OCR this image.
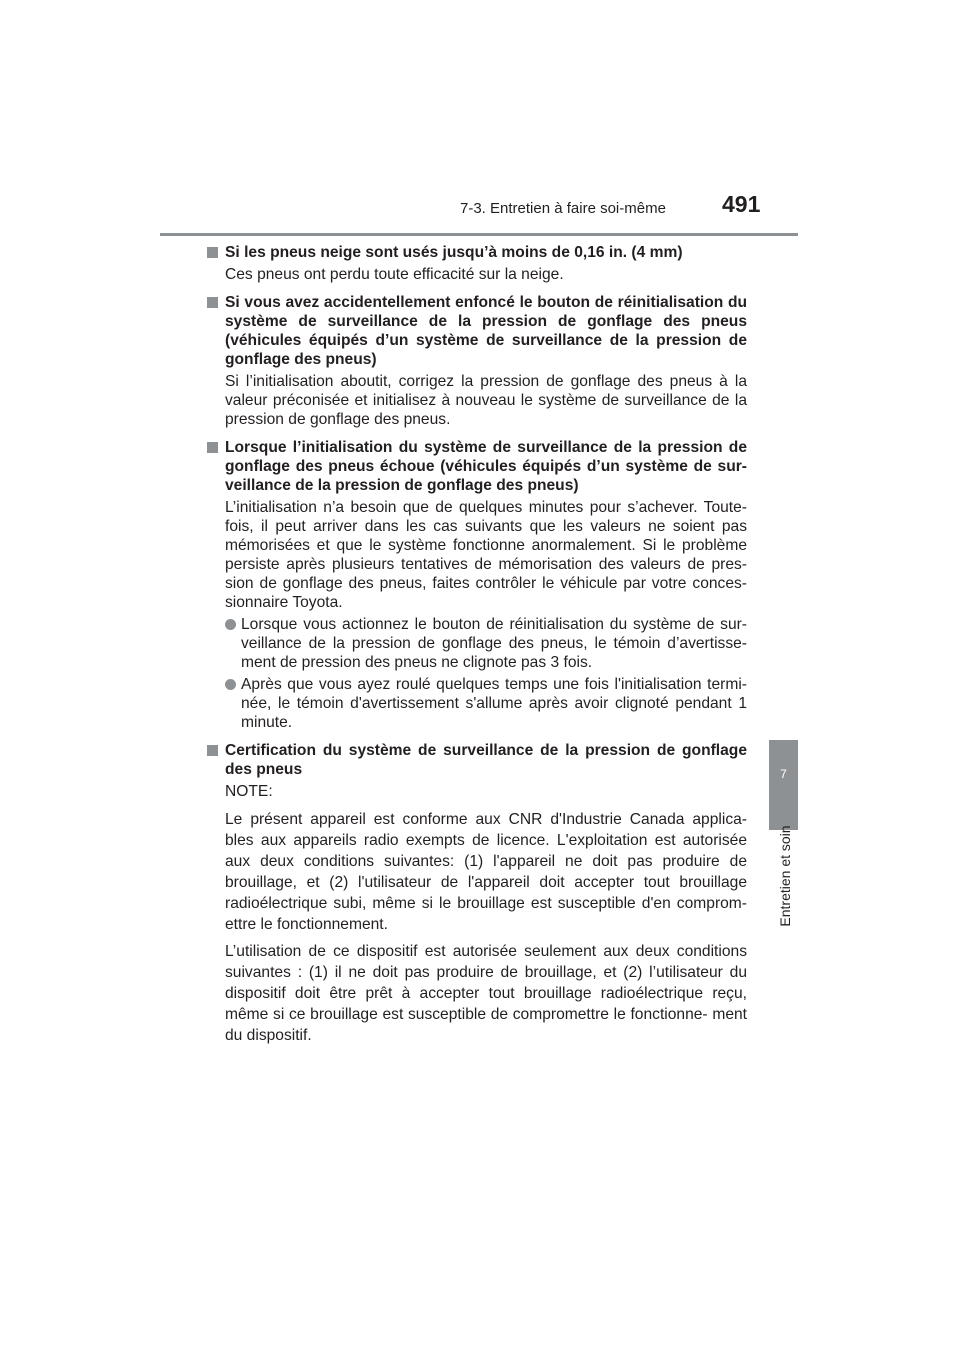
7-3. Entretien à faire soi-même 491
7
Entretien et soin
Si les pneus neige sont usés jusqu’à moins de 0,16 in. (4 mm)
Ces pneus ont perdu toute efficacité sur la neige.
Si vous avez accidentellement enfoncé le bouton de réinitialisation du système de surveillance de la pression de gonflage des pneus (véhicules équipés d’un système de surveillance de la pression de gonflage des pneus)
Si l’initialisation aboutit, corrigez la pression de gonflage des pneus à la valeur préconisée et initialisez à nouveau le système de surveillance de la pression de gonflage des pneus.
Lorsque l’initialisation du système de surveillance de la pression de gonflage des pneus échoue (véhicules équipés d’un système de sur- veillance de la pression de gonflage des pneus)
L’initialisation n’a besoin que de quelques minutes pour s’achever. Toute- fois, il peut arriver dans les cas suivants que les valeurs ne soient pas mémorisées et que le système fonctionne anormalement. Si le problème persiste après plusieurs tentatives de mémorisation des valeurs de pres- sion de gonflage des pneus, faites contrôler le véhicule par votre conces- sionnaire Toyota.
Lorsque vous actionnez le bouton de réinitialisation du système de sur- veillance de la pression de gonflage des pneus, le témoin d’avertisse- ment de pression des pneus ne clignote pas 3 fois.
Après que vous ayez roulé quelques temps une fois l'initialisation termi- née, le témoin d'avertissement s'allume après avoir clignoté pendant 1 minute.
Certification du système de surveillance de la pression de gonflage des pneus
NOTE:
Le présent appareil est conforme aux CNR d'Industrie Canada applica- bles aux appareils radio exempts de licence. L'exploitation est autorisée aux deux conditions suivantes: (1) l'appareil ne doit pas produire de brouillage, et (2) l'utilisateur de l'appareil doit accepter tout brouillage radioélectrique subi, même si le brouillage est susceptible d'en comprom- ettre le fonctionnement.
L’utilisation de ce dispositif est autorisée seulement aux deux conditions suivantes : (1) il ne doit pas produire de brouillage, et (2) l’utilisateur du dispositif doit être prêt à accepter tout brouillage radioélectrique reçu, même si ce brouillage est susceptible de compromettre le fonctionne- ment du dispositif.
